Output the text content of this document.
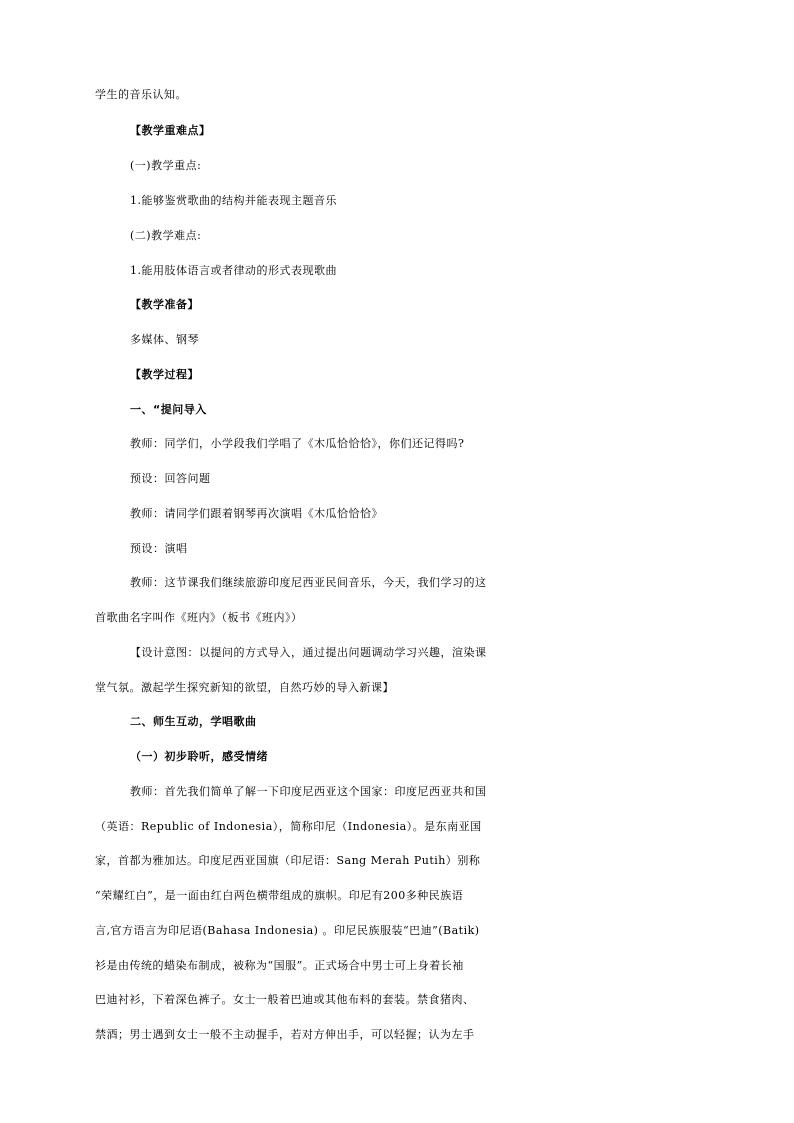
学生的音乐认知。
【教学重难点】
(一)教学重点:
1.能够鉴赏歌曲的结构并能表现主题音乐
(二)教学难点:
1.能用肢体语言或者律动的形式表现歌曲
【教学准备】
多媒体、钢琴
【教学过程】
一、“提问导入
教师：同学们，小学段我们学唱了《木瓜恰恰恰》，你们还记得吗?
预设：回答问题
教师：请同学们跟着钢琴再次演唱《木瓜恰恰恰》
预设：演唱
教师：这节课我们继续旅游印度尼西亚民间音乐，今天，我们学习的这
首歌曲名字叫作《班内》（板书《班内》）
【设计意图：以提问的方式导入，通过提出问题调动学习兴趣，渲染课
堂气氛。激起学生探究新知的欲望，自然巧妙的导入新课】
二、师生互动，学唱歌曲
（一）初步聆听，感受情绪
教师：首先我们简单了解一下印度尼西亚这个国家：印度尼西亚共和国
（英语：Republic of Indonesia），简称印尼（Indonesia）。是东南亚国
家，首都为雅加达。印度尼西亚国旗（印尼语：Sang Merah Putih）别称
“荣耀红白”，是一面由红白两色横带组成的旗帜。印尼有200多种民族语
言,官方语言为印尼语(Bahasa Indonesia) 。印尼民族服装“巴迪”(Batik)
衫是由传统的蜡染布制成，被称为“国服”。正式场合中男士可上身着长袖
巴迪衬衫，下着深色裤子。女士一般着巴迪或其他布料的套装。禁食猪肉、
禁酒；男士遇到女士一般不主动握手，若对方伸出手，可以轻握；认为左手
